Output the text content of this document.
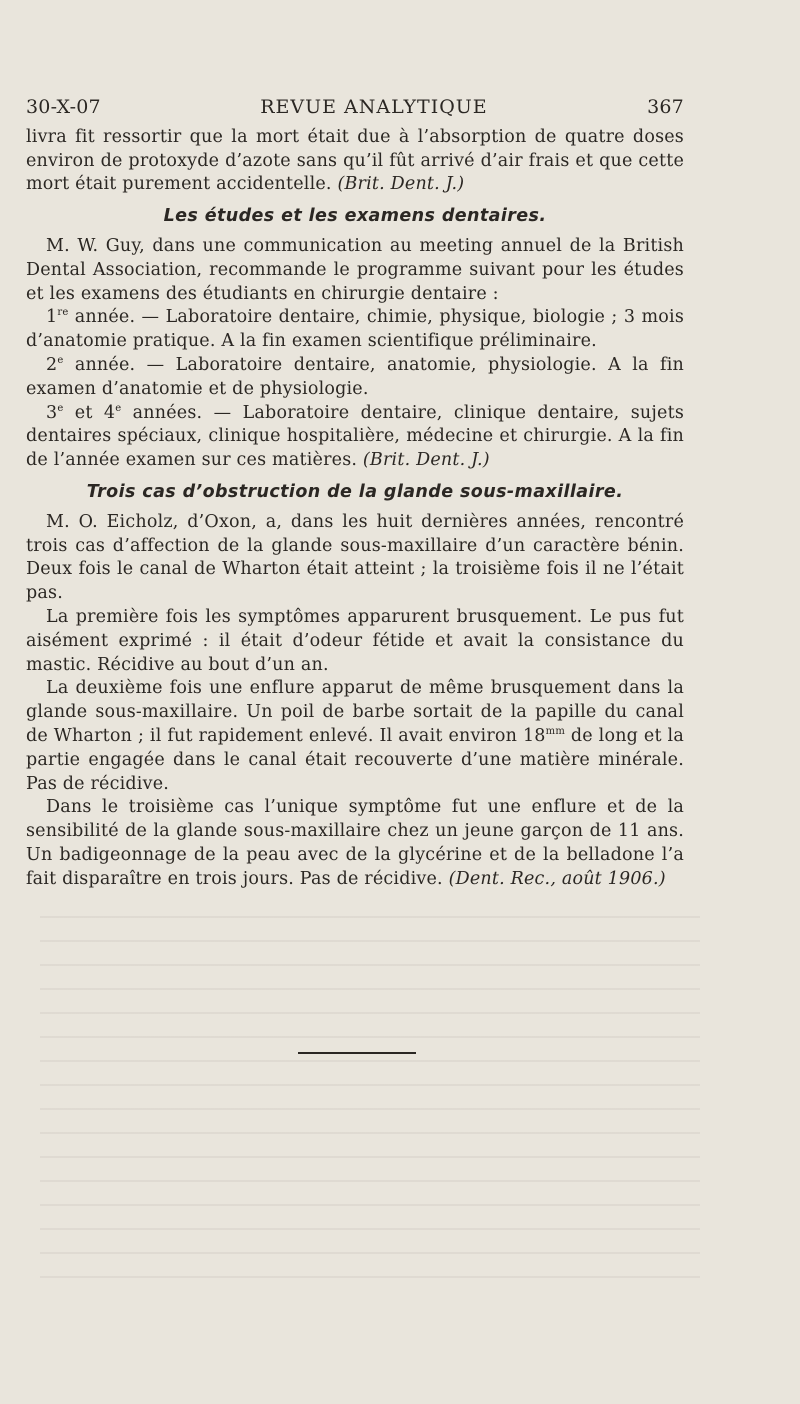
30-X-07	REVUE ANALYTIQUE	367

livra fit ressortir que la mort était due à l’absorption de quatre doses environ de protoxyde d’azote sans qu’il fût arrivé d’air frais et que cette mort était purement accidentelle. (Brit. Dent. J.)

Les études et les examens dentaires.

M. W. Guy, dans une communication au meeting annuel de la British Dental Association, recommande le programme suivant pour les études et les examens des étudiants en chirurgie dentaire :

1re année. — Laboratoire dentaire, chimie, physique, biologie ; 3 mois d’anatomie pratique. A la fin examen scientifique préliminaire.

2e année. — Laboratoire dentaire, anatomie, physiologie. A la fin examen d’anatomie et de physiologie.

3e et 4e années. — Laboratoire dentaire, clinique dentaire, sujets dentaires spéciaux, clinique hospitalière, médecine et chirurgie. A la fin de l’année examen sur ces matières. (Brit. Dent. J.)

Trois cas d’obstruction de la glande sous-maxillaire.

M. O. Eicholz, d’Oxon, a, dans les huit dernières années, rencontré trois cas d’affection de la glande sous-maxillaire d’un caractère bénin. Deux fois le canal de Wharton était atteint ; la troisième fois il ne l’était pas.

La première fois les symptômes apparurent brusquement. Le pus fut aisément exprimé : il était d’odeur fétide et avait la consistance du mastic. Récidive au bout d’un an.

La deuxième fois une enflure apparut de même brusquement dans la glande sous-maxillaire. Un poil de barbe sortait de la papille du canal de Wharton ; il fut rapidement enlevé. Il avait environ $18^{mm}$ de long et la partie engagée dans le canal était recouverte d’une matière minérale. Pas de récidive.

Dans le troisième cas l’unique symptôme fut une enflure et de la sensibilité de la glande sous-maxillaire chez un jeune garçon de 11 ans. Un badigeonnage de la peau avec de la glycérine et de la belladone l’a fait disparaître en trois jours. Pas de récidive. (Dent. Rec., août 1906.)
